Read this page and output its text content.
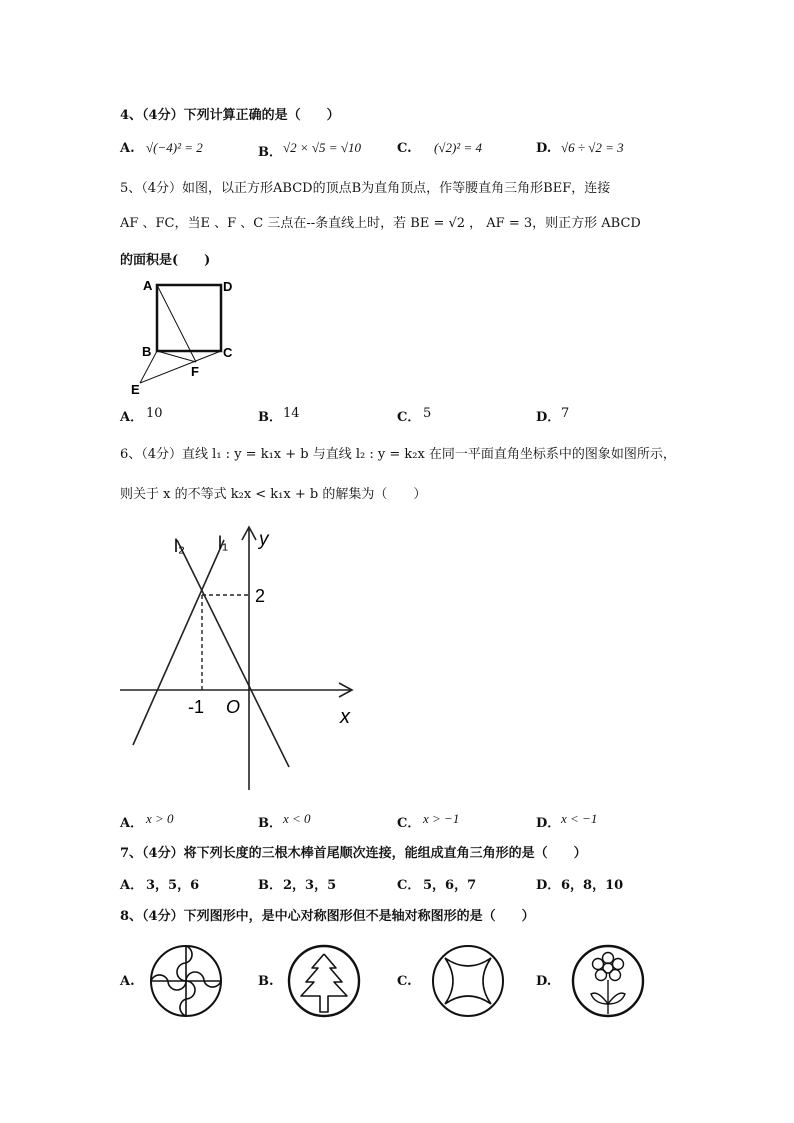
4、（4分）下列计算正确的是（　　）
A. √(−4)² = 2	B． √2 × √5 = √10	C. (√2)² = 4	D. √6 ÷ √2 = 3
5、（4分）如图，以正方形ABCD的顶点B为直角顶点，作等腰直角三角形BEF，连接
AF 、FC，当E 、F 、C 三点在--条直线上时，若 BE = √2 ， AF = 3，则正方形 ABCD
的面积是(　　)
A	D
B	C
E
F
A． 10	B． 14	C． 5	D． 7
6、（4分）直线 l₁ : y = k₁x + b 与直线 l₂ : y = k₂x 在同一平面直角坐标系中的图象如图所示，
则关于 x 的不等式 k₂x < k₁x + b 的解集为（　　）
l₂ l₁ y
2
-1 O	x
A． x > 0	B． x < 0	C． x > −1	D． x < −1
7、（4分）将下列长度的三根木棒首尾顺次连接，能组成直角三角形的是（　　）
A． 3，5，6	B． 2，3，5	C． 5，6，7	D． 6，8，10
8、（4分）下列图形中，是中心对称图形但不是轴对称图形的是（　　）
A.	B.	C.	D.
